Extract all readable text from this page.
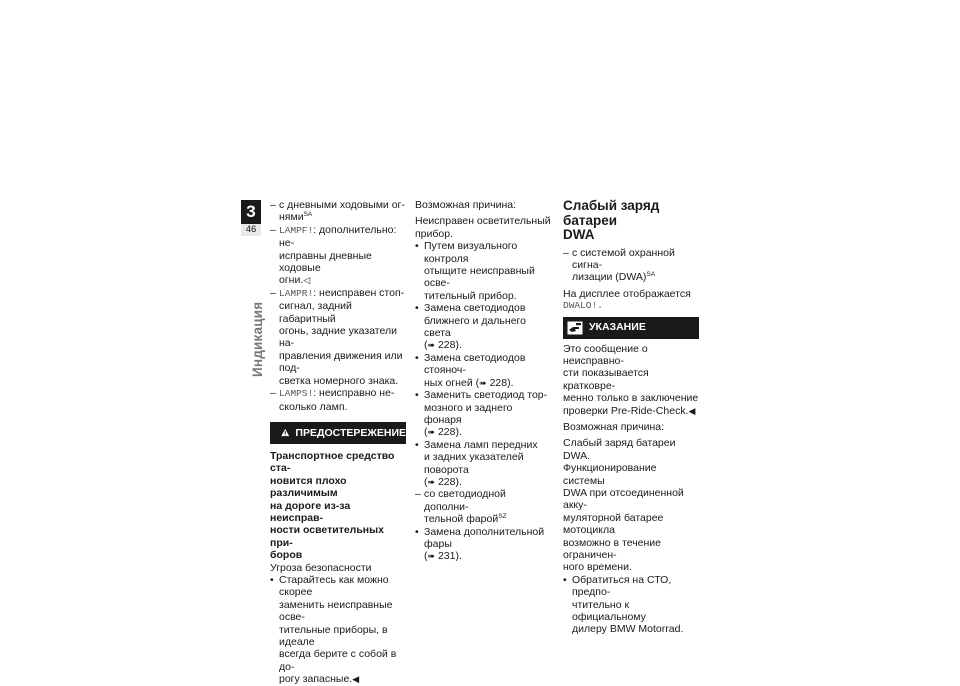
3
46
Индикация

– с дневными ходовыми ог-

нями$^{SA}$

– LAMPF!: дополнительно: не-

исправны дневные ходовые

огни.◁

– LAMPR!: неисправен стоп-

сигнал, задний габаритный

огонь, задние указатели на-

правления движения или под-

светка номерного знака.

– LAMPS!: неисправно не-

сколько ламп.

ПРЕДОСТЕРЕЖЕНИЕ

Транспортное средство ста-

новится плохо различимым

на дороге из-за неисправ-

ности осветительных при-

боров

Угроза безопасности

• Старайтесь как можно скорее

заменить неисправные осве-

тительные приборы, в идеале

всегда берите с собой в до-

рогу запасные.◀

Возможная причина:

Неисправен осветительный

прибор.

• Путем визуального контроля

отыщите неисправный осве-

тительный прибор.

• Замена светодиодов

ближнего и дальнего света

(➠ 228).

• Замена светодиодов стояноч-

ных огней (➠ 228).

• Заменить светодиод тор-

мозного и заднего фонаря

(➠ 228).

• Замена ламп передних

и задних указателей поворота

(➠ 228).

– со светодиодной дополни-

тельной фарой$^{SZ}$

• Замена дополнительной фары

(➠ 231).

Слабый заряд батареи

DWA

– с системой охранной сигна-

лизации (DWA)$^{SA}$

На дисплее отображается

DWALO!.

УКАЗАНИЕ

Это сообщение о неисправно-

сти показывается кратковре-

менно только в заключение

проверки Pre-Ride-Check.◀

Возможная причина:

Слабый заряд батареи DWA.

Функционирование системы

DWA при отсоединенной акку-

муляторной батарее мотоцикла

возможно в течение ограничен-

ного времени.

• Обратиться на СТО, предпо-

чтительно к официальному

дилеру BMW Motorrad.
